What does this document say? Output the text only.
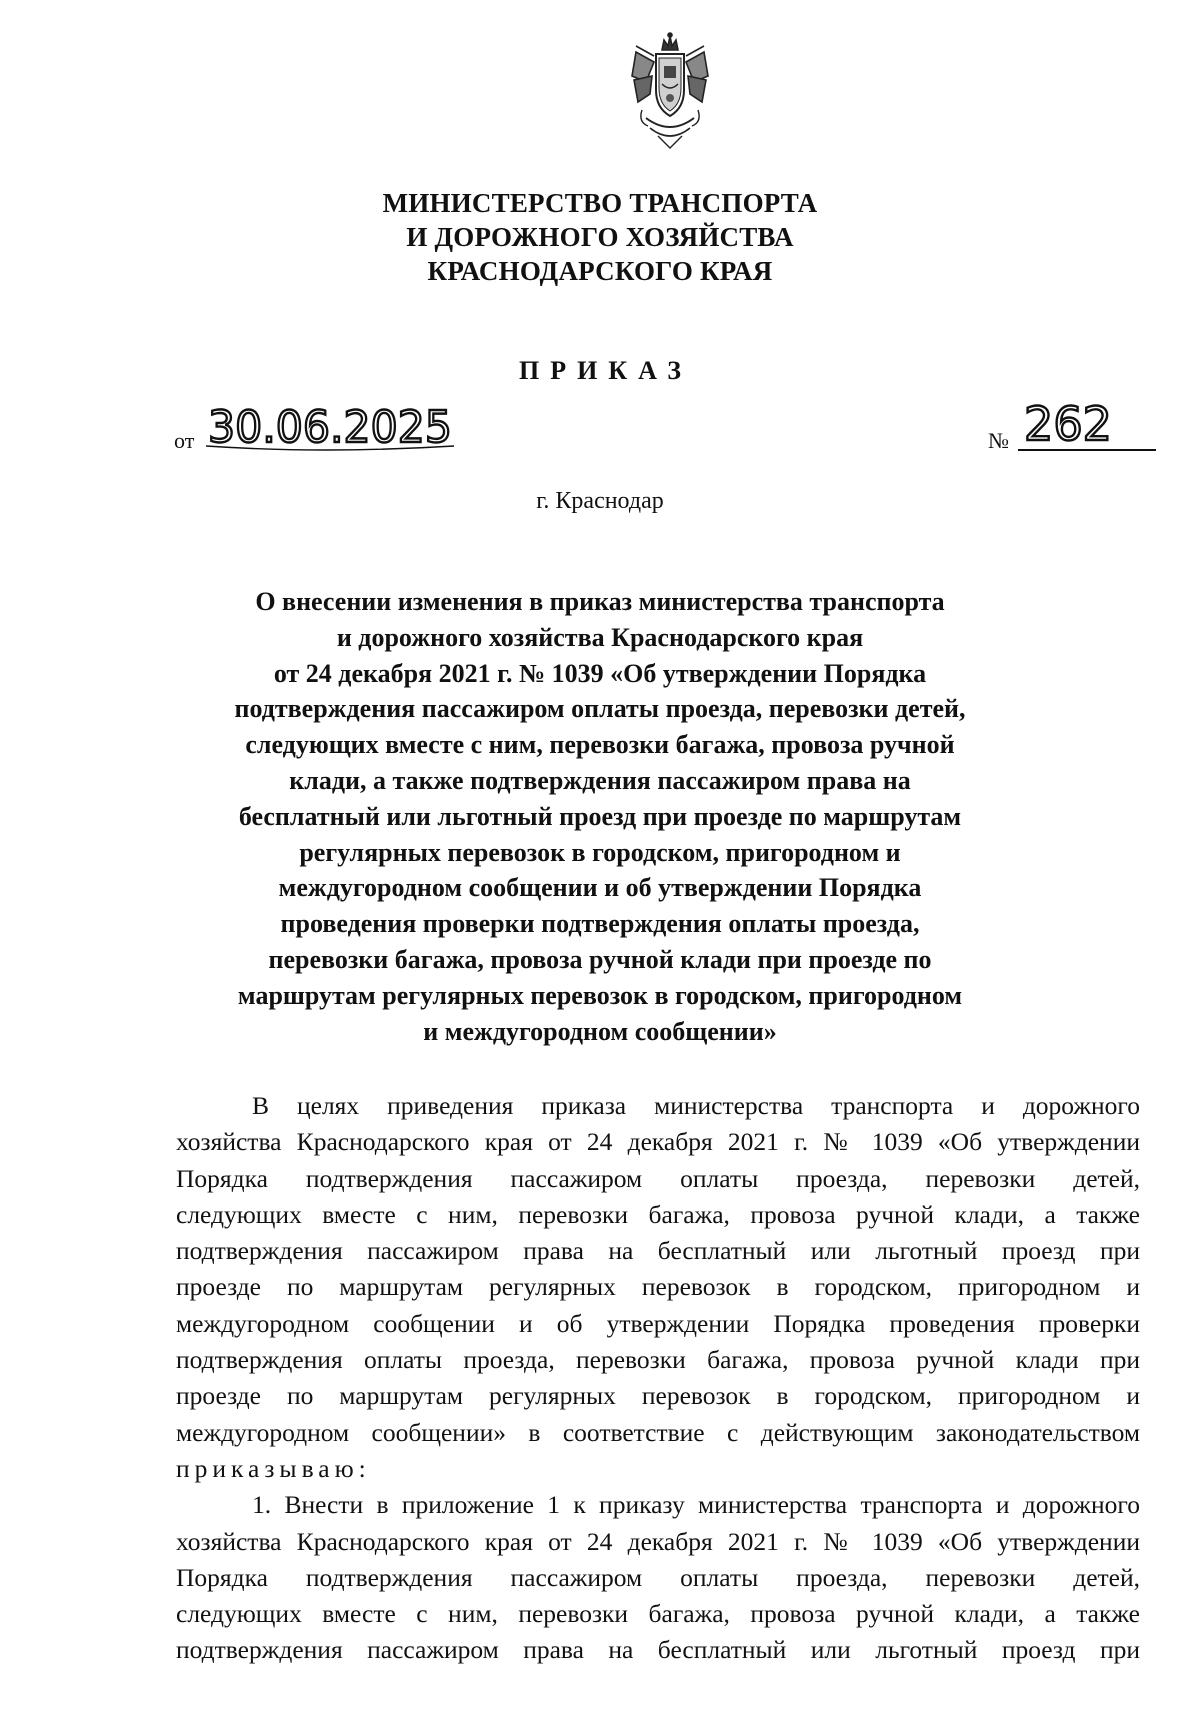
МИНИСТЕРСТВО ТРАНСПОРТА
И ДОРОЖНОГО ХОЗЯЙСТВА
КРАСНОДАРСКОГО КРАЯ
ПРИКАЗ
от 30.06.2025	№ 262
г. Краснодар
О внесении изменения в приказ министерства транспорта
и дорожного хозяйства Краснодарского края
от 24 декабря 2021 г. № 1039 «Об утверждении Порядка
подтверждения пассажиром оплаты проезда, перевозки детей,
следующих вместе с ним, перевозки багажа, провоза ручной
клади, а также подтверждения пассажиром права на
бесплатный или льготный проезд при проезде по маршрутам
регулярных перевозок в городском, пригородном и
междугородном сообщении и об утверждении Порядка
проведения проверки подтверждения оплаты проезда,
перевозки багажа, провоза ручной клади при проезде по
маршрутам регулярных перевозок в городском, пригородном
и междугородном сообщении»
В целях приведения приказа министерства транспорта и дорожного
хозяйства Краснодарского края от 24 декабря 2021 г. № 1039 «Об утверждении
Порядка подтверждения пассажиром оплаты проезда, перевозки детей,
следующих вместе с ним, перевозки багажа, провоза ручной клади, а также
подтверждения пассажиром права на бесплатный или льготный проезд при
проезде по маршрутам регулярных перевозок в городском, пригородном и
междугородном сообщении и об утверждении Порядка проведения проверки
подтверждения оплаты проезда, перевозки багажа, провоза ручной клади при
проезде по маршрутам регулярных перевозок в городском, пригородном и
междугородном сообщении» в соответствие с действующим законодательством
приказываю:
1. Внести в приложение 1 к приказу министерства транспорта и дорожного
хозяйства Краснодарского края от 24 декабря 2021 г. № 1039 «Об утверждении
Порядка подтверждения пассажиром оплаты проезда, перевозки детей,
следующих вместе с ним, перевозки багажа, провоза ручной клади, а также
подтверждения пассажиром права на бесплатный или льготный проезд при
